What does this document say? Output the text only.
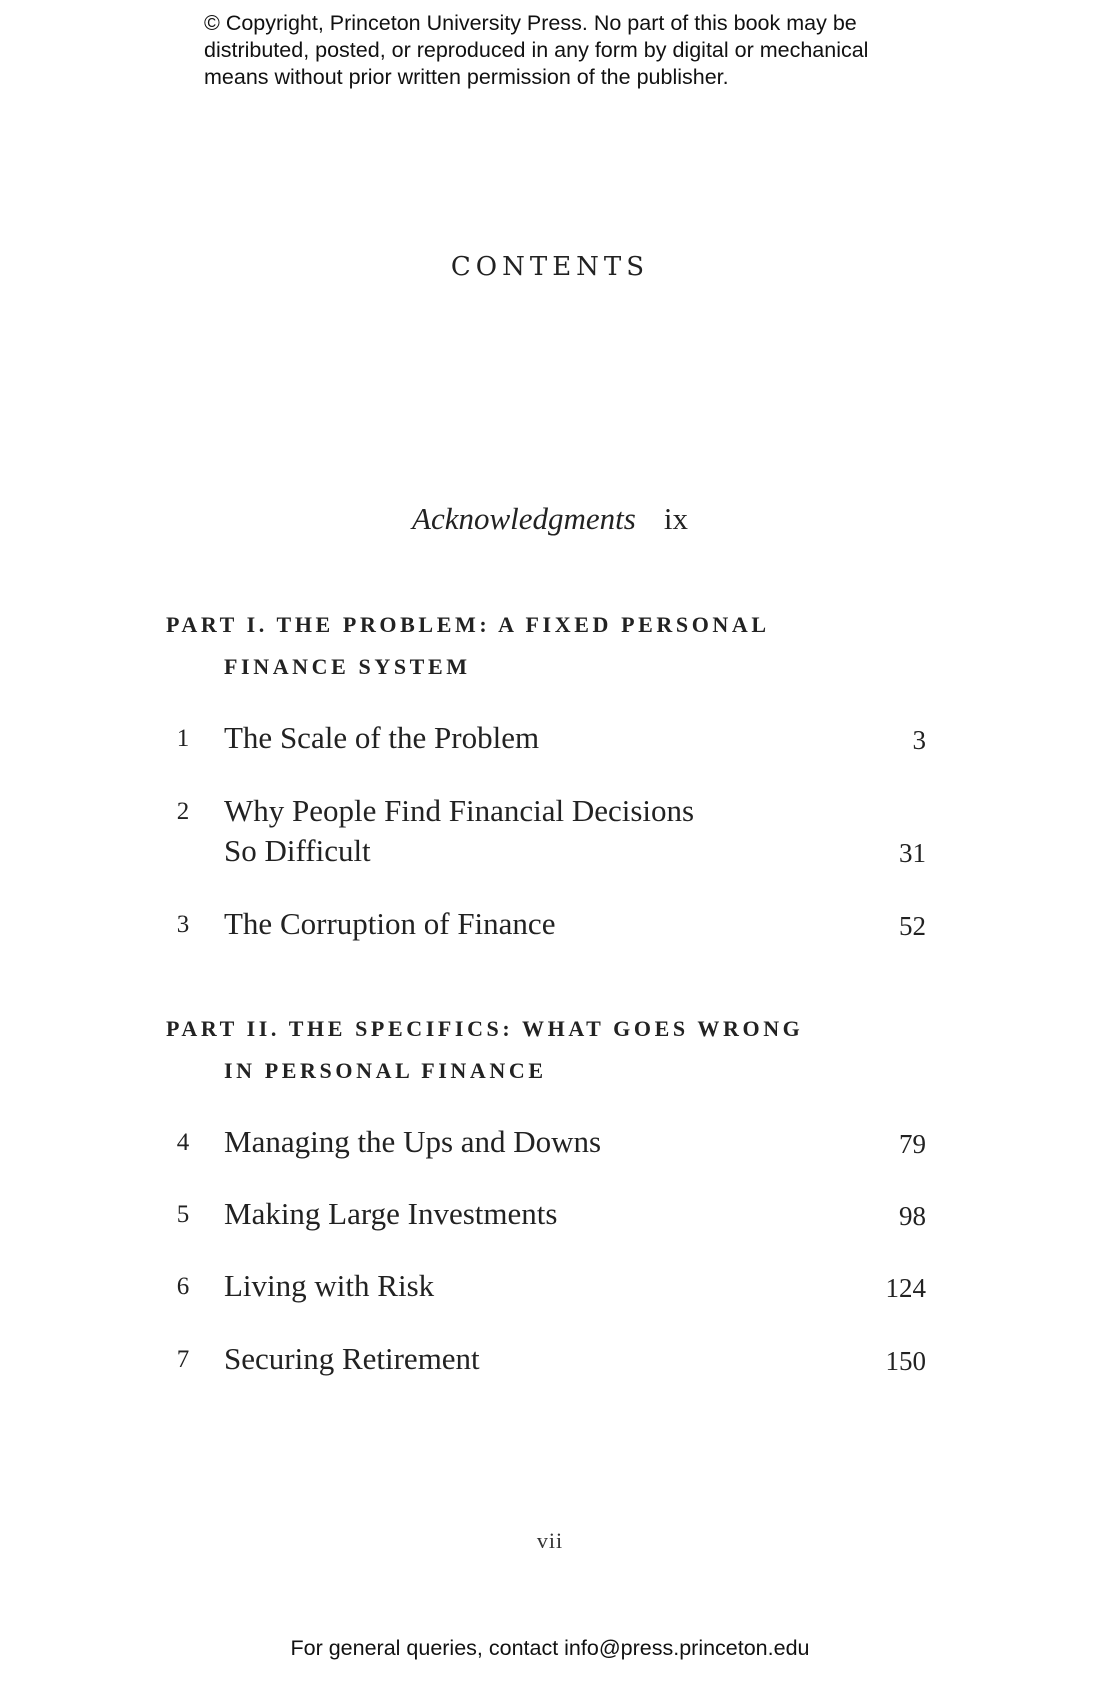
© Copyright, Princeton University Press. No part of this book may be
distributed, posted, or reproduced in any form by digital or mechanical
means without prior written permission of the publisher.
CONTENTS
Acknowledgments ix
PART I. THE PROBLEM: A FIXED PERSONAL
FINANCE SYSTEM
1	The Scale of the Problem	3
2	Why People Find Financial Decisions
So Difficult	31
3	The Corruption of Finance	52
PART II. THE SPECIFICS: WHAT GOES WRONG
IN PERSONAL FINANCE
4	Managing the Ups and Downs	79
5	Making Large Investments	98
6	Living with Risk	124
7	Securing Retirement	150
vii
For general queries, contact info@press.princeton.edu
